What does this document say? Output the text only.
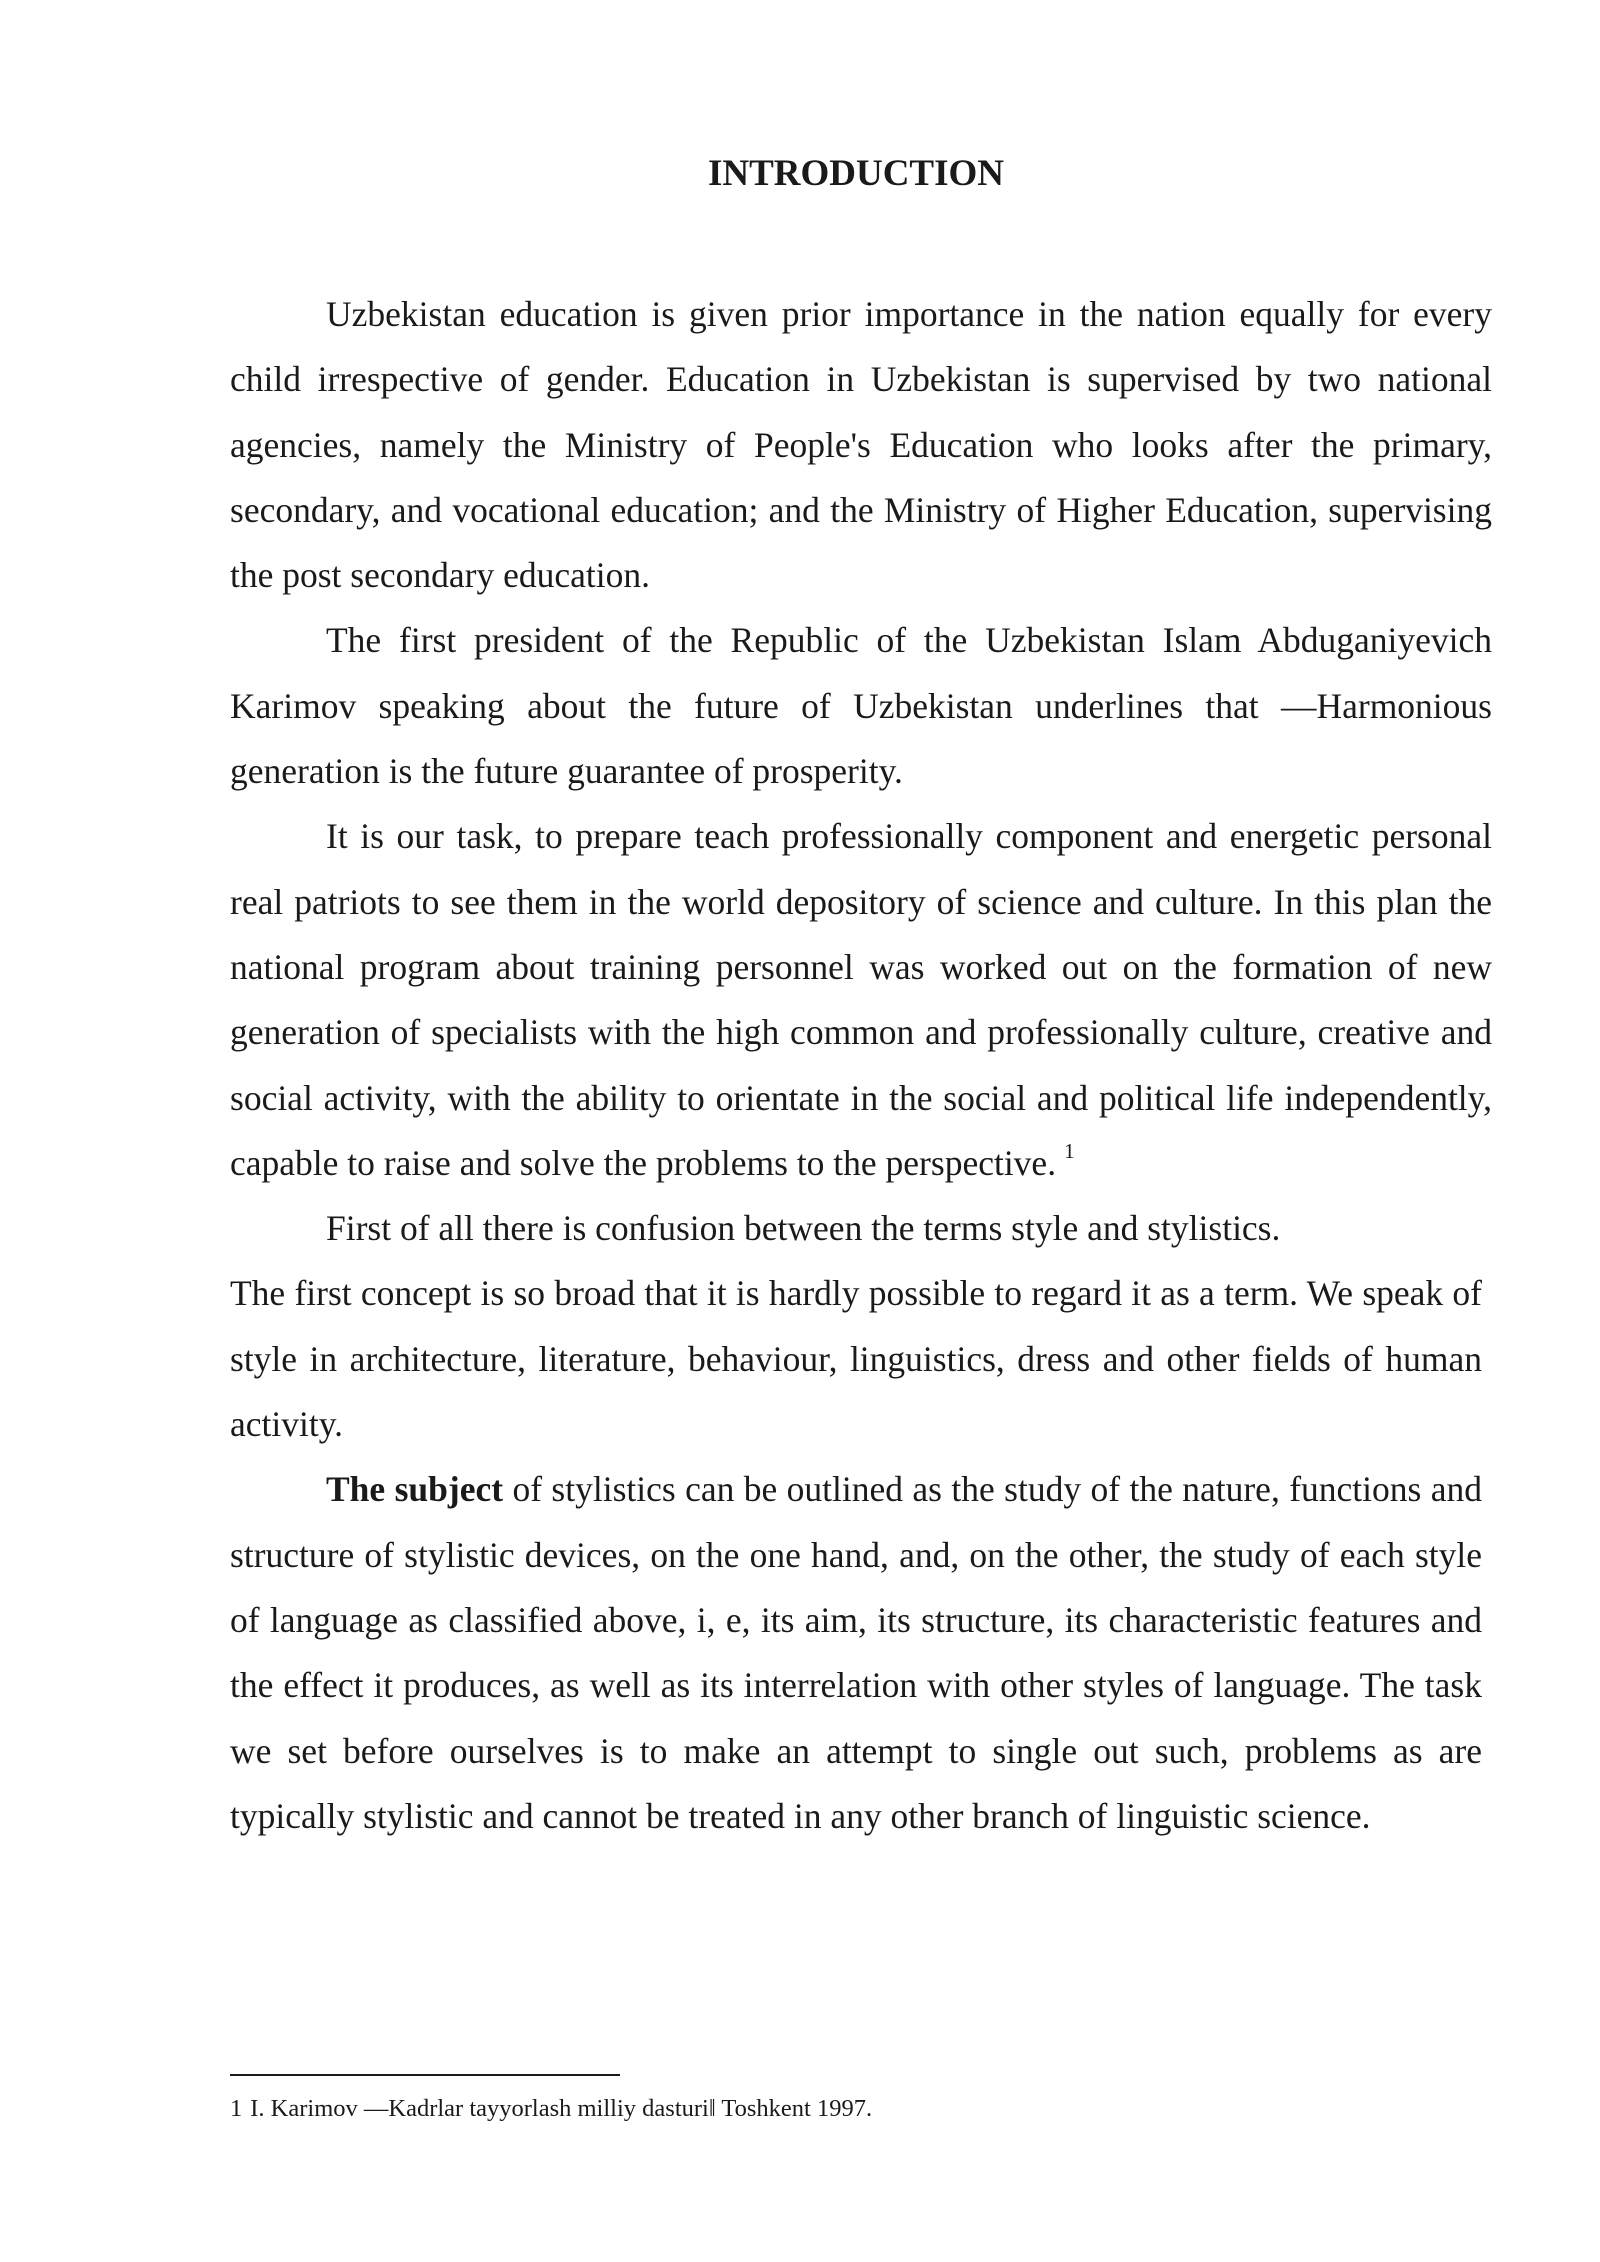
INTRODUCTION

Uzbekistan education is given prior importance in the nation equally for every child irrespective of gender. Education in Uzbekistan is supervised by two national agencies, namely the Ministry of People's Education who looks after the primary, secondary, and vocational education; and the Ministry of Higher Education, supervising the post secondary education.

The first president of the Republic of the Uzbekistan Islam Abduganiyevich Karimov speaking about the future of Uzbekistan underlines that —Harmonious generation is the future guarantee of prosperity.

It is our task, to prepare teach professionally component and energetic personal real patriots to see them in the world depository of science and culture. In this plan the national program about training personnel was worked out on the formation of new generation of specialists with the high common and professionally culture, creative and social activity, with the ability to orientate in the social and political life independently, capable to raise and solve the problems to the perspective. $^1$

First of all there is confusion between the terms style and stylistics.

The first concept is so broad that it is hardly possible to regard it as a term. We speak of style in architecture, literature, behaviour, linguistics, dress and other fields of human activity.

The subject of stylistics can be outlined as the study of the nature, functions and structure of stylistic devices, on the one hand, and, on the other, the study of each style of language as classified above, i, e, its aim, its structure, its characteristic features and the effect it produces, as well as its interrelation with other styles of language. The task we set before ourselves is to make an attempt to single out such, problems as are typically stylistic and cannot be treated in any other branch of linguistic science.

1 I. Karimov —Kadrlar tayyorlash milliy dasturi‖ Toshkent 1997.
